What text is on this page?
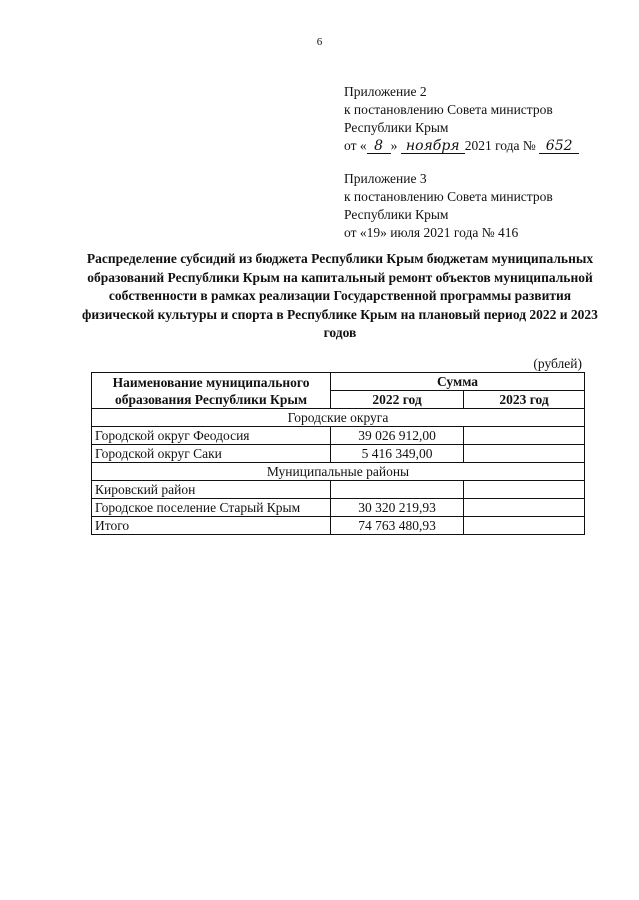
6
Приложение 2
к постановлению Совета министров
Республики Крым
от « 8 » ноября 2021 года № 652
Приложение 3
к постановлению Совета министров
Республики Крым
от «19» июля 2021 года № 416
Распределение субсидий из бюджета Республики Крым бюджетам муниципальных образований Республики Крым на капитальный ремонт объектов муниципальной собственности в рамках реализации Государственной программы развития физической культуры и спорта в Республике Крым на плановый период 2022 и 2023 годов
(рублей)
Наименование муниципального образования Республики Крым	Сумма	
	2022 год	2023 год
Городские округа		
Городской округ Феодосия	39 026 912,00	
Городской округ Саки	5 416 349,00	
Муниципальные районы		
Кировский район		
Городское поселение Старый Крым	30 320 219,93	
Итого	74 763 480,93	
